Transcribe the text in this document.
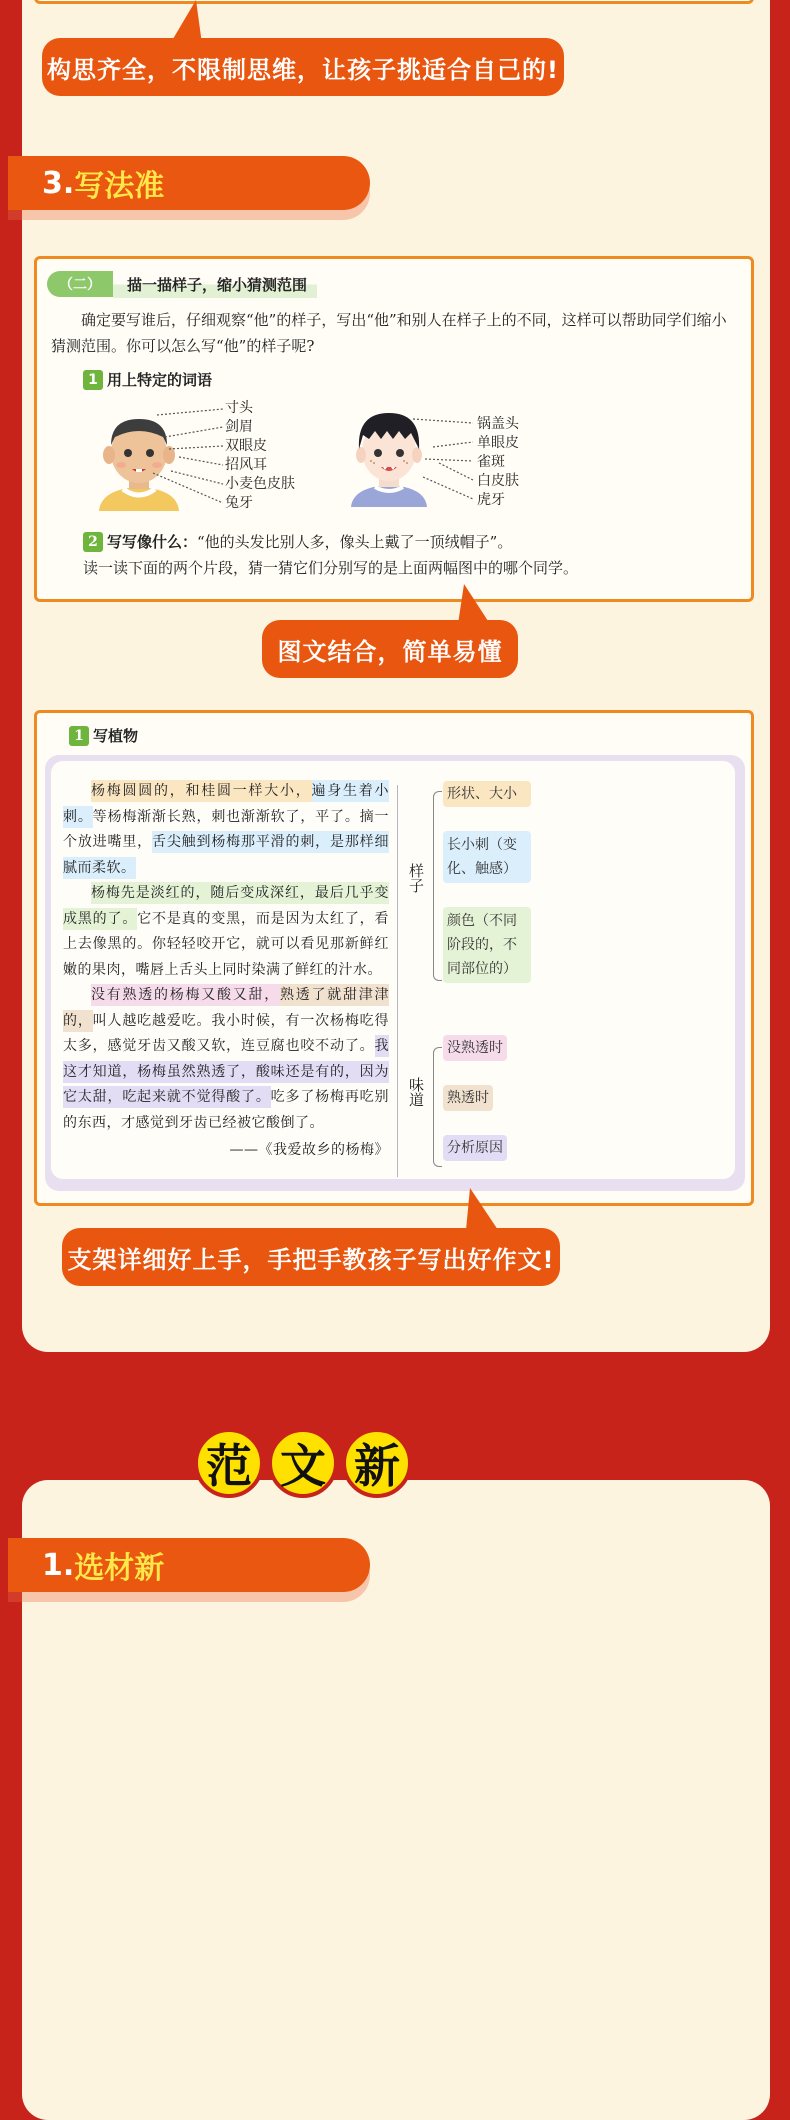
构思齐全，不限制思维，让孩子挑适合自己的!
3. 写法准
（二）	描一描样子，缩小猜测范围
确定要写谁后，仔细观察“他”的样子，写出“他”和别人在样子上的不同，这样可以帮助同学们缩小猜测范围。你可以怎么写“他”的样子呢?
1 用上特定的词语
寸头
剑眉
双眼皮
招风耳
小麦色皮肤
兔牙
锅盖头
单眼皮
雀斑
白皮肤
虎牙
2 写写像什么： “他的头发比别人多，像头上戴了一顶绒帽子”。
读一读下面的两个片段，猜一猜它们分别写的是上面两幅图中的哪个同学。
图文结合，简单易懂
1 写植物

杨梅圆圆的，和桂圆一样大小，遍身生着小刺。等杨梅渐渐长熟，刺也渐渐软了，平了。摘一个放进嘴里，舌尖触到杨梅那平滑的刺，是那样细腻而柔软。

杨梅先是淡红的，随后变成深红，最后几乎变成黑的了。它不是真的变黑，而是因为太红了，看上去像黑的。你轻轻咬开它，就可以看见那新鲜红嫩的果肉，嘴唇上舌头上同时染满了鲜红的汁水。

没有熟透的杨梅又酸又甜，熟透了就甜津津的，叫人越吃越爱吃。我小时候，有一次杨梅吃得太多，感觉牙齿又酸又软，连豆腐也咬不动了。我这才知道，杨梅虽然熟透了，酸味还是有的，因为它太甜，吃起来就不觉得酸了。吃多了杨梅再吃别的东西，才感觉到牙齿已经被它酸倒了。

——《我爱故乡的杨梅》
样子
形状、大小
长小刺（变化、触感）
颜色（不同阶段的，不同部位的）
味道
没熟透时
熟透时
分析原因
支架详细好上手，手把手教孩子写出好作文!
范 文 新
1. 选材新
